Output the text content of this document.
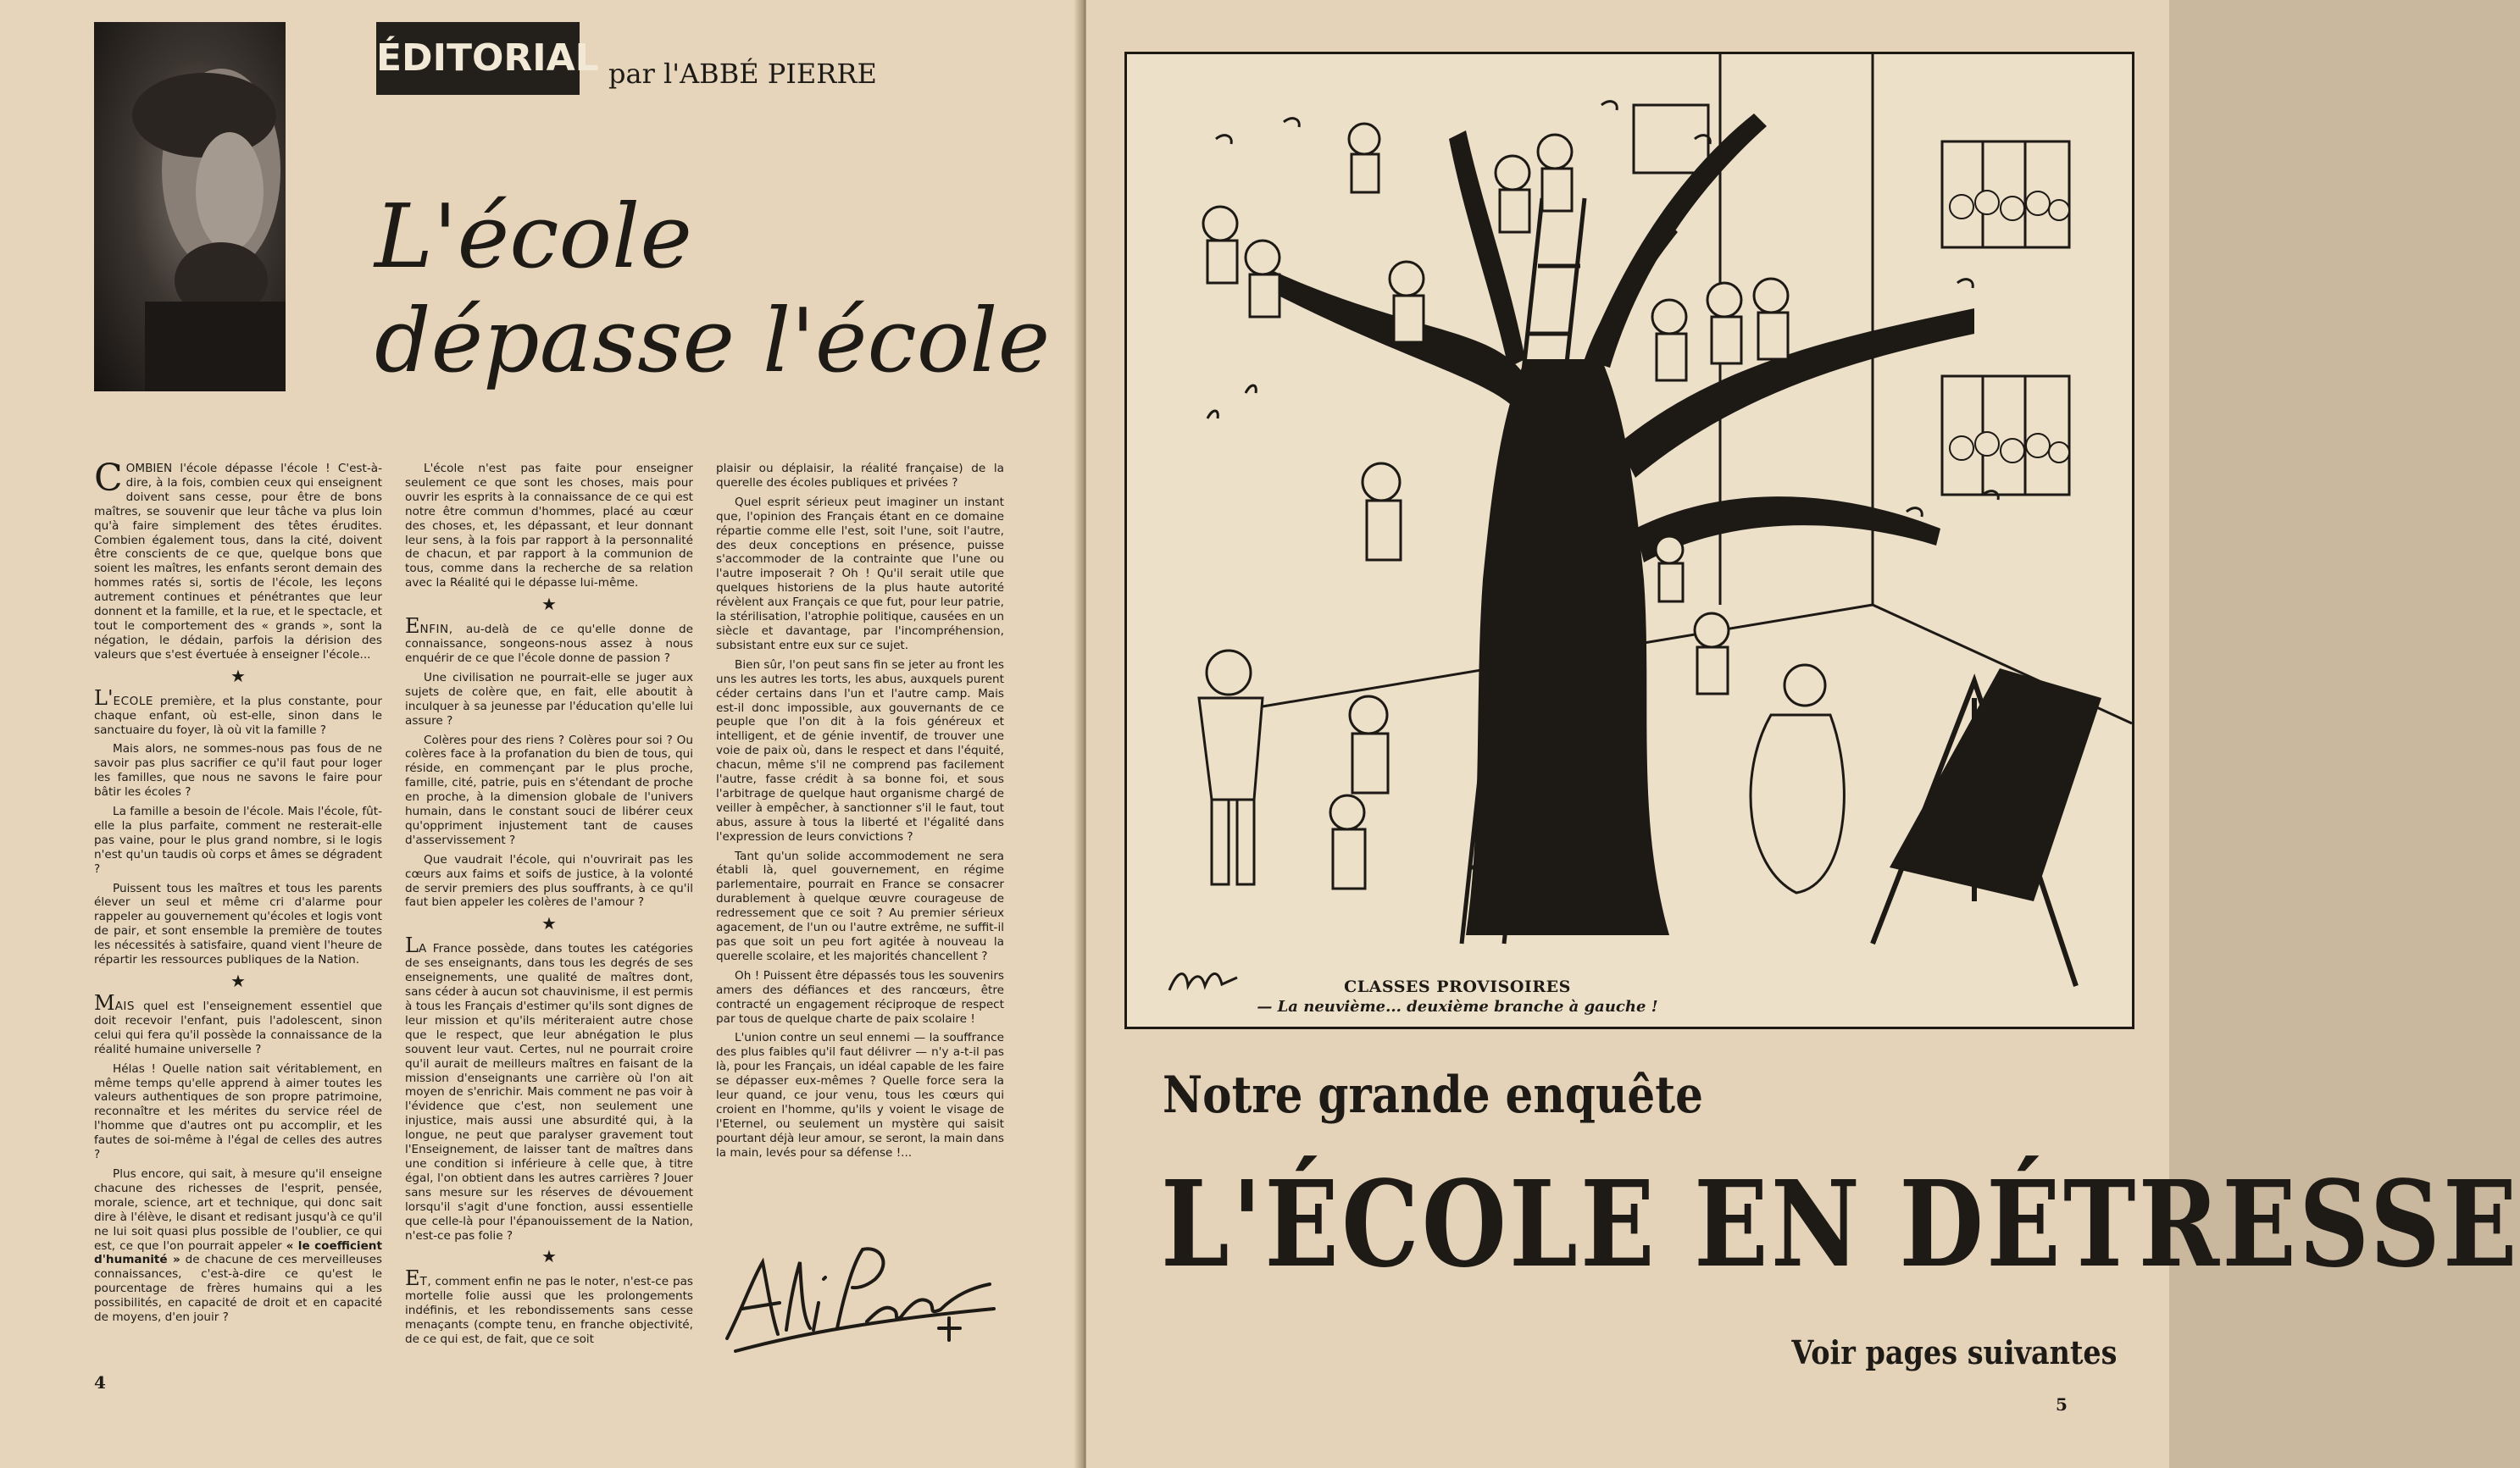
ÉDITORIAL par l'ABBÉ PIERRE
L'école
dépasse l'école

COMBIEN l'école dépasse l'école ! C'est-à-dire, à la fois, combien ceux qui enseignent doivent sans cesse, pour être de bons maîtres, se souvenir que leur tâche va plus loin qu'à faire simplement des têtes érudites. Combien également tous, dans la cité, doivent être conscients de ce que, quelque bons que soient les maîtres, les enfants seront demain des hommes ratés si, sortis de l'école, les leçons autrement continues et pénétrantes que leur donnent et la famille, et la rue, et le spectacle, et tout le comportement des « grands », sont la négation, le dédain, parfois la dérision des valeurs que s'est évertuée à enseigner l'école...

★

L'ECOLE première, et la plus constante, pour chaque enfant, où est-elle, sinon dans le sanctuaire du foyer, là où vit la famille ?

Mais alors, ne sommes-nous pas fous de ne savoir pas plus sacrifier ce qu'il faut pour loger les familles, que nous ne savons le faire pour bâtir les écoles ?

La famille a besoin de l'école. Mais l'école, fût-elle la plus parfaite, comment ne resterait-elle pas vaine, pour le plus grand nombre, si le logis n'est qu'un taudis où corps et âmes se dégradent ?

Puissent tous les maîtres et tous les parents élever un seul et même cri d'alarme pour rappeler au gouvernement qu'écoles et logis vont de pair, et sont ensemble la première de toutes les nécessités à satisfaire, quand vient l'heure de répartir les ressources publiques de la Nation.

★

MAIS quel est l'enseignement essentiel que doit recevoir l'enfant, puis l'adolescent, sinon celui qui fera qu'il possède la connaissance de la réalité humaine universelle ?

Hélas ! Quelle nation sait véritablement, en même temps qu'elle apprend à aimer toutes les valeurs authentiques de son propre patrimoine, reconnaître et les mérites du service réel de l'homme que d'autres ont pu accomplir, et les fautes de soi-même à l'égal de celles des autres ?

Plus encore, qui sait, à mesure qu'il enseigne chacune des richesses de l'esprit, pensée, morale, science, art et technique, qui donc sait dire à l'élève, le disant et redisant jusqu'à ce qu'il ne lui soit quasi plus possible de l'oublier, ce qui est, ce que l'on pourrait appeler « le coefficient d'humanité » de chacune de ces merveilleuses connaissances, c'est-à-dire ce qu'est le pourcentage de frères humains qui a les possibilités, en capacité de droit et en capacité de moyens, d'en jouir ?

L'école n'est pas faite pour enseigner seulement ce que sont les choses, mais pour ouvrir les esprits à la connaissance de ce qui est notre être commun d'hommes, placé au cœur des choses, et, les dépassant, et leur donnant leur sens, à la fois par rapport à la personnalité de chacun, et par rapport à la communion de tous, comme dans la recherche de sa relation avec la Réalité qui le dépasse lui-même.

★

ENFIN, au-delà de ce qu'elle donne de connaissance, songeons-nous assez à nous enquérir de ce que l'école donne de passion ?

Une civilisation ne pourrait-elle se juger aux sujets de colère que, en fait, elle aboutit à inculquer à sa jeunesse par l'éducation qu'elle lui assure ?

Colères pour des riens ? Colères pour soi ? Ou colères face à la profanation du bien de tous, qui réside, en commençant par le plus proche, famille, cité, patrie, puis en s'étendant de proche en proche, à la dimension globale de l'univers humain, dans le constant souci de libérer ceux qu'oppriment injustement tant de causes d'asservissement ?

Que vaudrait l'école, qui n'ouvrirait pas les cœurs aux faims et soifs de justice, à la volonté de servir premiers des plus souffrants, à ce qu'il faut bien appeler les colères de l'amour ?

★

LA France possède, dans toutes les catégories de ses enseignants, dans tous les degrés de ses enseignements, une qualité de maîtres dont, sans céder à aucun sot chauvinisme, il est permis à tous les Français d'estimer qu'ils sont dignes de leur mission et qu'ils mériteraient autre chose que le respect, que leur abnégation le plus souvent leur vaut. Certes, nul ne pourrait croire qu'il aurait de meilleurs maîtres en faisant de la mission d'enseignants une carrière où l'on ait moyen de s'enrichir. Mais comment ne pas voir à l'évidence que c'est, non seulement une injustice, mais aussi une absurdité qui, à la longue, ne peut que paralyser gravement tout l'Enseignement, de laisser tant de maîtres dans une condition si inférieure à celle que, à titre égal, l'on obtient dans les autres carrières ? Jouer sans mesure sur les réserves de dévouement lorsqu'il s'agit d'une fonction, aussi essentielle que celle-là pour l'épanouissement de la Nation, n'est-ce pas folie ?

★

ET, comment enfin ne pas le noter, n'est-ce pas mortelle folie aussi que les prolongements indéfinis, et les rebondissements sans cesse menaçants (compte tenu, en franche objectivité, de ce qui est, de fait, que ce soit

plaisir ou déplaisir, la réalité française) de la querelle des écoles publiques et privées ?

Quel esprit sérieux peut imaginer un instant que, l'opinion des Français étant en ce domaine répartie comme elle l'est, soit l'une, soit l'autre, des deux conceptions en présence, puisse s'accommoder de la contrainte que l'une ou l'autre imposerait ? Oh ! Qu'il serait utile que quelques historiens de la plus haute autorité révèlent aux Français ce que fut, pour leur patrie, la stérilisation, l'atrophie politique, causées en un siècle et davantage, par l'incompréhension, subsistant entre eux sur ce sujet.

Bien sûr, l'on peut sans fin se jeter au front les uns les autres les torts, les abus, auxquels purent céder certains dans l'un et l'autre camp. Mais est-il donc impossible, aux gouvernants de ce peuple que l'on dit à la fois généreux et intelligent, et de génie inventif, de trouver une voie de paix où, dans le respect et dans l'équité, chacun, même s'il ne comprend pas facilement l'autre, fasse crédit à sa bonne foi, et sous l'arbitrage de quelque haut organisme chargé de veiller à empêcher, à sanctionner s'il le faut, tout abus, assure à tous la liberté et l'égalité dans l'expression de leurs convictions ?

Tant qu'un solide accommodement ne sera établi là, quel gouvernement, en régime parlementaire, pourrait en France se consacrer durablement à quelque œuvre courageuse de redressement que ce soit ? Au premier sérieux agacement, de l'un ou l'autre extrême, ne suffit-il pas que soit un peu fort agitée à nouveau la querelle scolaire, et les majorités chancellent ?

Oh ! Puissent être dépassés tous les souvenirs amers des défiances et des rancœurs, être contracté un engagement réciproque de respect par tous de quelque charte de paix scolaire !

L'union contre un seul ennemi — la souffrance des plus faibles qu'il faut délivrer — n'y a-t-il pas là, pour les Français, un idéal capable de les faire se dépasser eux-mêmes ? Quelle force sera la leur quand, ce jour venu, tous les cœurs qui croient en l'homme, qu'ils y voient le visage de l'Eternel, ou seulement un mystère qui saisit pourtant déjà leur amour, se seront, la main dans la main, levés pour sa défense !...

4
CLASSES PROVISOIRES
— La neuvième... deuxième branche à gauche !
Notre grande enquête
L'ÉCOLE EN DÉTRESSE
Voir pages suivantes
5
